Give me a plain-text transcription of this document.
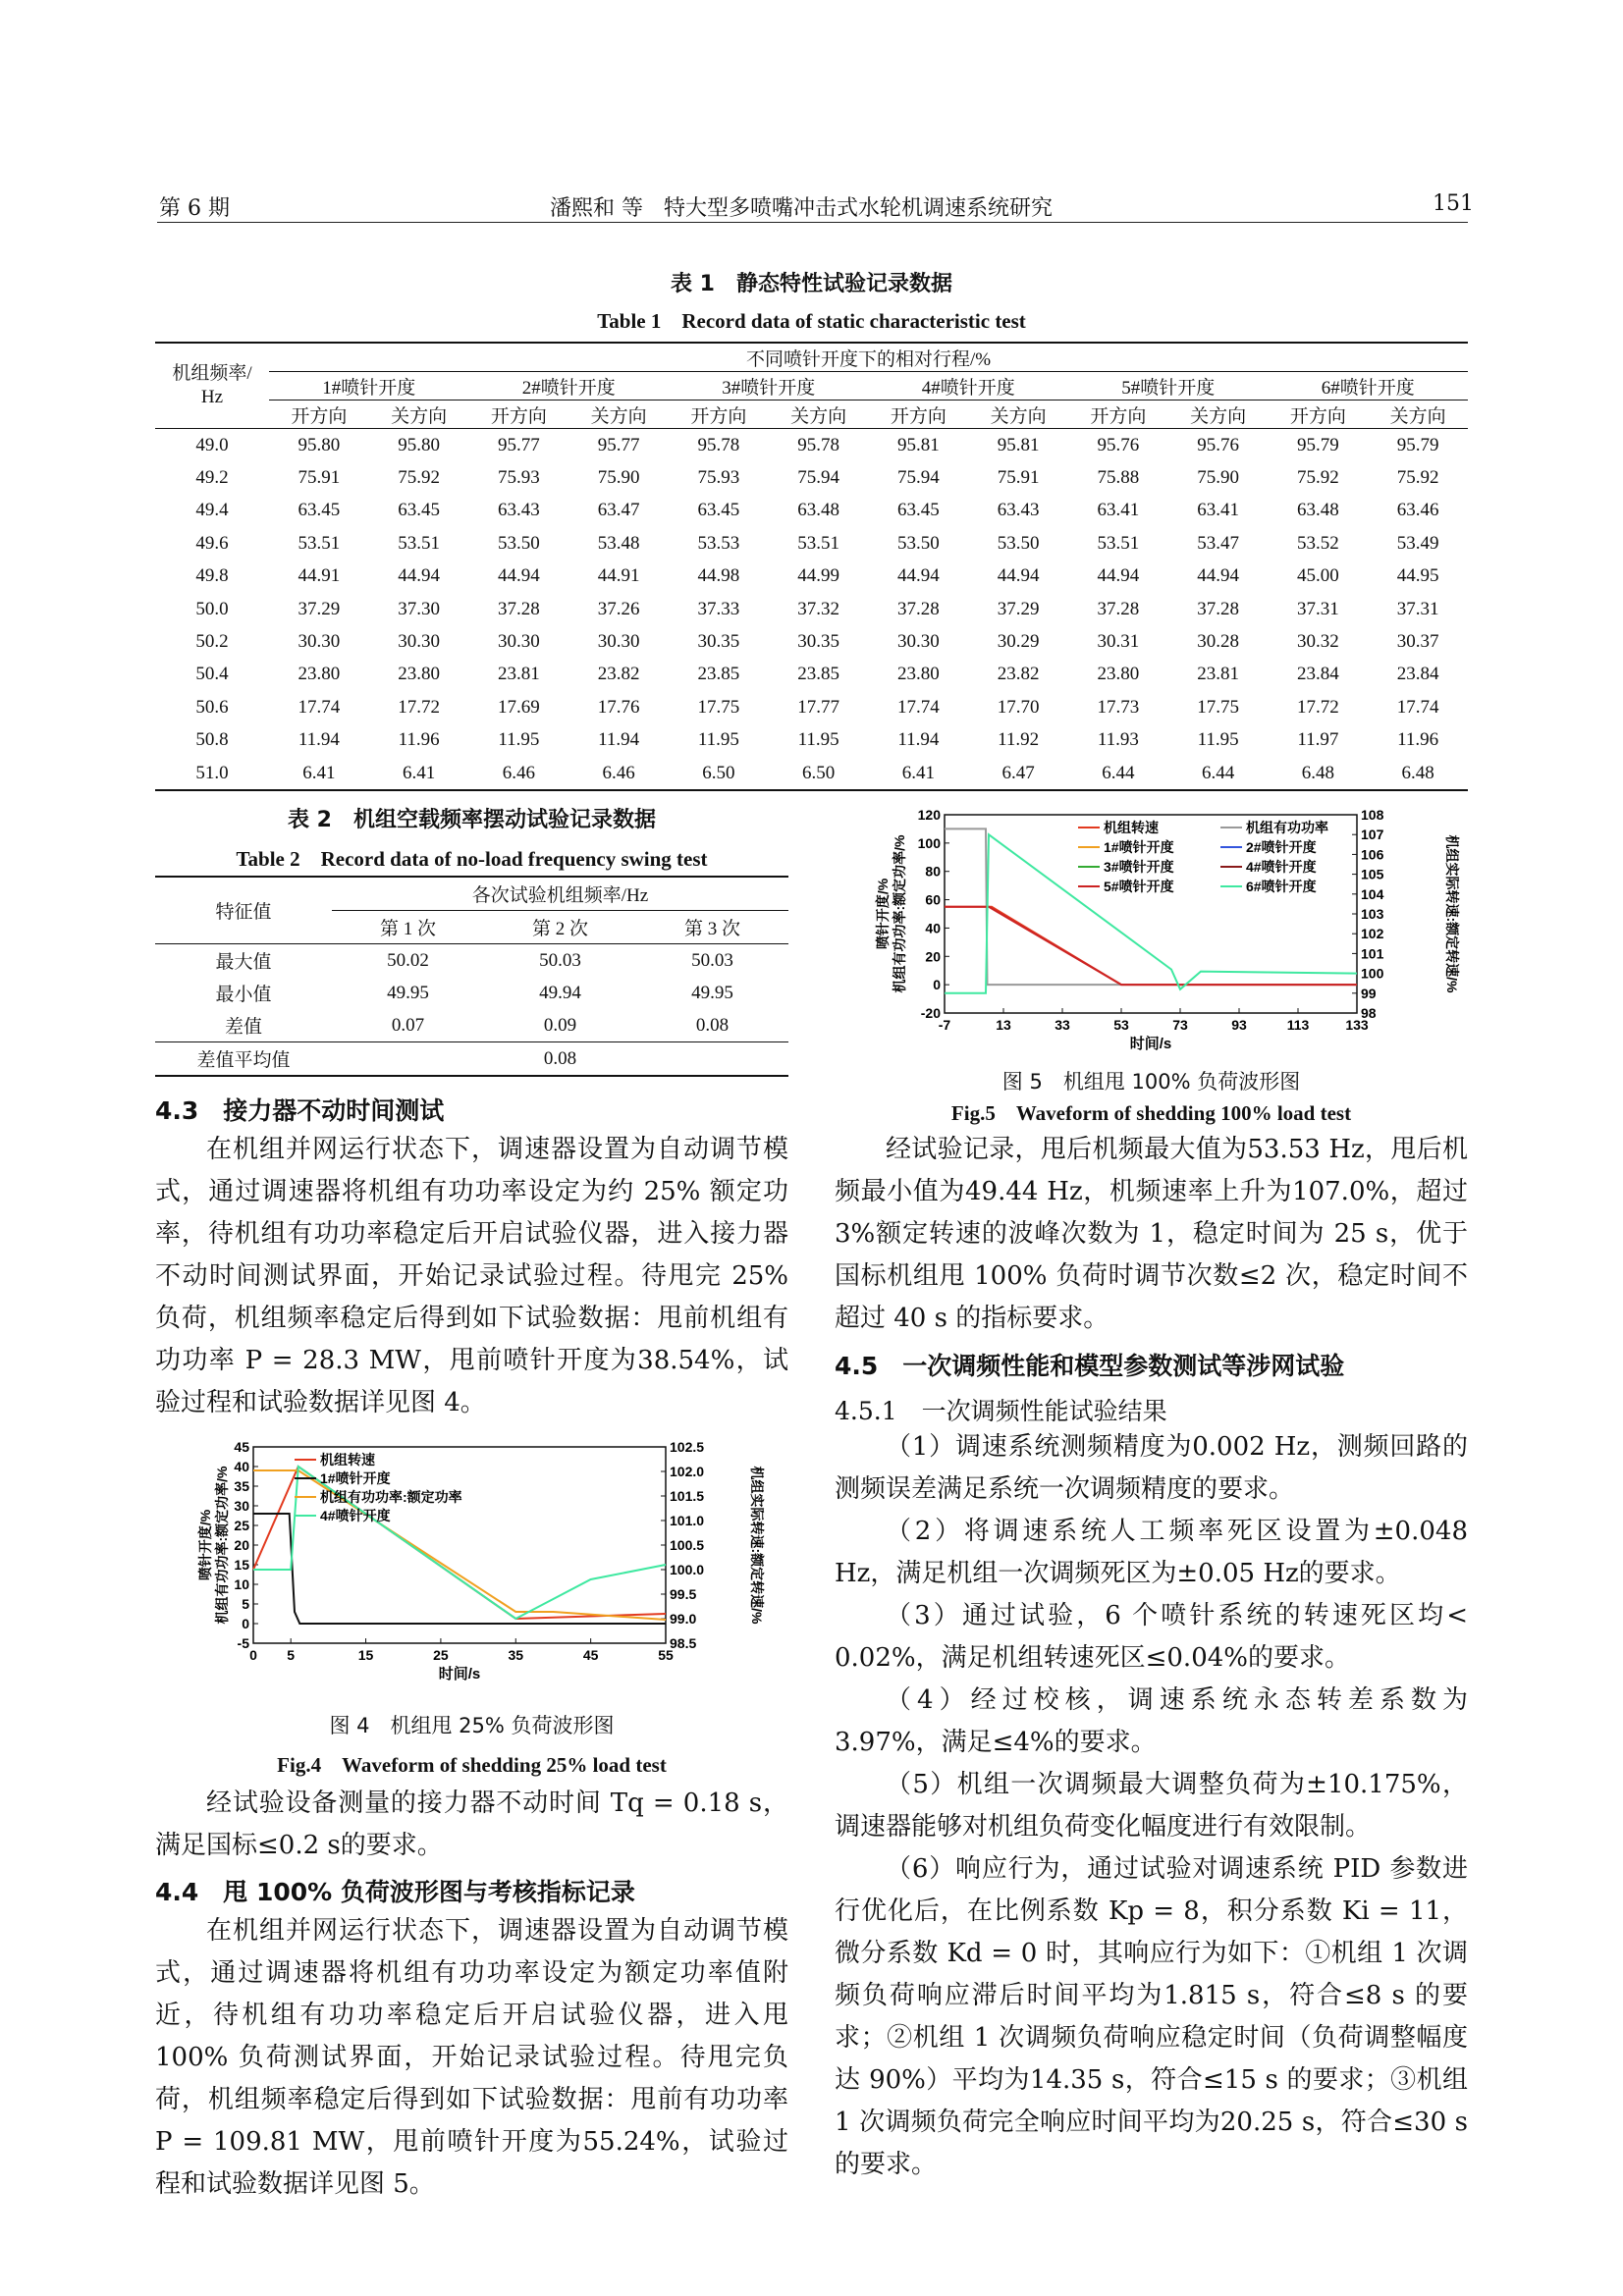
第 6 期	潘熙和 等 特大型多喷嘴冲击式水轮机调速系统研究	151
表 1　静态特性试验记录数据
Table 1　Record data of static characteristic test
机组频率/
Hz	不同喷针开度下的相对行程/%											
	1#喷针开度		2#喷针开度		3#喷针开度		4#喷针开度		5#喷针开度		6#喷针开度	
	开方向	关方向	开方向	关方向	开方向	关方向	开方向	关方向	开方向	关方向	开方向	关方向
49.0	95.80	95.80	95.77	95.77	95.78	95.78	95.81	95.81	95.76	95.76	95.79	95.79
49.2	75.91	75.92	75.93	75.90	75.93	75.94	75.94	75.91	75.88	75.90	75.92	75.92
49.4	63.45	63.45	63.43	63.47	63.45	63.48	63.45	63.43	63.41	63.41	63.48	63.46
49.6	53.51	53.51	53.50	53.48	53.53	53.51	53.50	53.50	53.51	53.47	53.52	53.49
49.8	44.91	44.94	44.94	44.91	44.98	44.99	44.94	44.94	44.94	44.94	45.00	44.95
50.0	37.29	37.30	37.28	37.26	37.33	37.32	37.28	37.29	37.28	37.28	37.31	37.31
50.2	30.30	30.30	30.30	30.30	30.35	30.35	30.30	30.29	30.31	30.28	30.32	30.37
50.4	23.80	23.80	23.81	23.82	23.85	23.85	23.80	23.82	23.80	23.81	23.84	23.84
50.6	17.74	17.72	17.69	17.76	17.75	17.77	17.74	17.70	17.73	17.75	17.72	17.74
50.8	11.94	11.96	11.95	11.94	11.95	11.95	11.94	11.92	11.93	11.95	11.97	11.96
51.0	6.41	6.41	6.46	6.46	6.50	6.50	6.41	6.47	6.44	6.44	6.48	6.48
表 2　机组空载频率摆动试验记录数据
Table 2　Record data of no-load frequency swing test
特征值	各次试验机组频率/Hz		
	第 1 次	第 2 次	第 3 次
最大值	50.02	50.03	50.03
最小值	49.95	49.94	49.95
差值	0.07	0.09	0.08
差值平均值	0.08		
4.3　接力器不动时间测试
在机组并网运行状态下，调速器设置为自动调节模式，通过调速器将机组有功功率设定为约 25% 额定功率，待机组有功功率稳定后开启试验仪器，进入接力器不动时间测试界面，开始记录试验过程。待甩完 25% 负荷，机组频率稳定后得到如下试验数据：甩前机组有功功率 P = 28.3 MW，甩前喷针开度为38.54%，试验过程和试验数据详见图 4。
0 5	15	25	35	45	55
-5
0
5
10
15
20
25
30
35
40
45
98.5
99.0
99.5
100.0
100.5
101.0
101.5
102.0
102.5
时间/s
喷针开度/% 机组有功功率:额定功率/%	机组实际转速:额定转速/%
机组转速
1#喷针开度
机组有功功率:额定功率
4#喷针开度
图 4　机组甩 25% 负荷波形图
Fig.4　Waveform of shedding 25% load test
经试验设备测量的接力器不动时间 Tq = 0.18 s，满足国标≤0.2 s的要求。
4.4　甩 100% 负荷波形图与考核指标记录
在机组并网运行状态下，调速器设置为自动调节模式，通过调速器将机组有功功率设定为额定功率值附近，待机组有功功率稳定后开启试验仪器，进入甩 100% 负荷测试界面，开始记录试验过程。待甩完负荷，机组频率稳定后得到如下试验数据：甩前有功功率 P = 109.81 MW，甩前喷针开度为55.24%，试验过程和试验数据详见图 5。
-7	13	33	53	73	93	113	133
-20
0
20
40
60
80
100
120
98
99
100
101
102
103
104
105
106
107
108
时间/s
喷针开度/% 机组有功功率:额定功率/%	机组实际转速:额定转速/%
机组转速	机组有功功率
1#喷针开度	2#喷针开度
3#喷针开度	4#喷针开度
5#喷针开度	6#喷针开度
图 5　机组甩 100% 负荷波形图
Fig.5　Waveform of shedding 100% load test
经试验记录，甩后机频最大值为53.53 Hz，甩后机频最小值为49.44 Hz，机频速率上升为107.0%，超过3%额定转速的波峰次数为 1，稳定时间为 25 s，优于国标机组甩 100% 负荷时调节次数≤2 次，稳定时间不超过 40 s 的指标要求。
4.5　一次调频性能和模型参数测试等涉网试验
4.5.1　一次调频性能试验结果

（1）调速系统测频精度为0.002 Hz，测频回路的测频误差满足系统一次调频精度的要求。

（2）将调速系统人工频率死区设置为±0.048 Hz，满足机组一次调频死区为±0.05 Hz的要求。

（3）通过试验，6 个喷针系统的转速死区均< 0.02%，满足机组转速死区≤0.04%的要求。

（4）经过校核，调速系统永态转差系数为 3.97%，满足≤4%的要求。

（5）机组一次调频最大调整负荷为±10.175%，调速器能够对机组负荷变化幅度进行有效限制。

（6）响应行为，通过试验对调速系统 PID 参数进行优化后，在比例系数 Kp = 8，积分系数 Ki = 11，微分系数 Kd = 0 时，其响应行为如下：①机组 1 次调频负荷响应滞后时间平均为1.815 s，符合≤8 s 的要求；②机组 1 次调频负荷响应稳定时间（负荷调整幅度达 90%）平均为14.35 s，符合≤15 s 的要求；③机组 1 次调频负荷完全响应时间平均为20.25 s，符合≤30 s 的要求。
